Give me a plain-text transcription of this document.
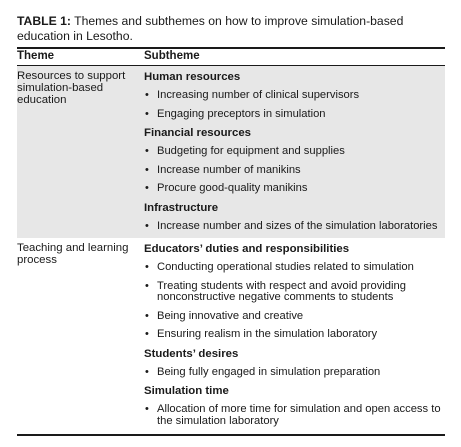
TABLE 1: Themes and subthemes on how to improve simulation-based education in Lesotho.
Theme	Subtheme
Resources to support simulation-based education
Human resources
• Increasing number of clinical supervisors
• Engaging preceptors in simulation
Financial resources
• Budgeting for equipment and supplies
• Increase number of manikins
• Procure good-quality manikins
Infrastructure
• Increase number and sizes of the simulation laboratories
Teaching and learning process
Educators’ duties and responsibilities
• Conducting operational studies related to simulation
• Treating students with respect and avoid providing nonconstructive negative comments to students
• Being innovative and creative
• Ensuring realism in the simulation laboratory
Students’ desires
• Being fully engaged in simulation preparation
Simulation time
• Allocation of more time for simulation and open access to the simulation laboratory
